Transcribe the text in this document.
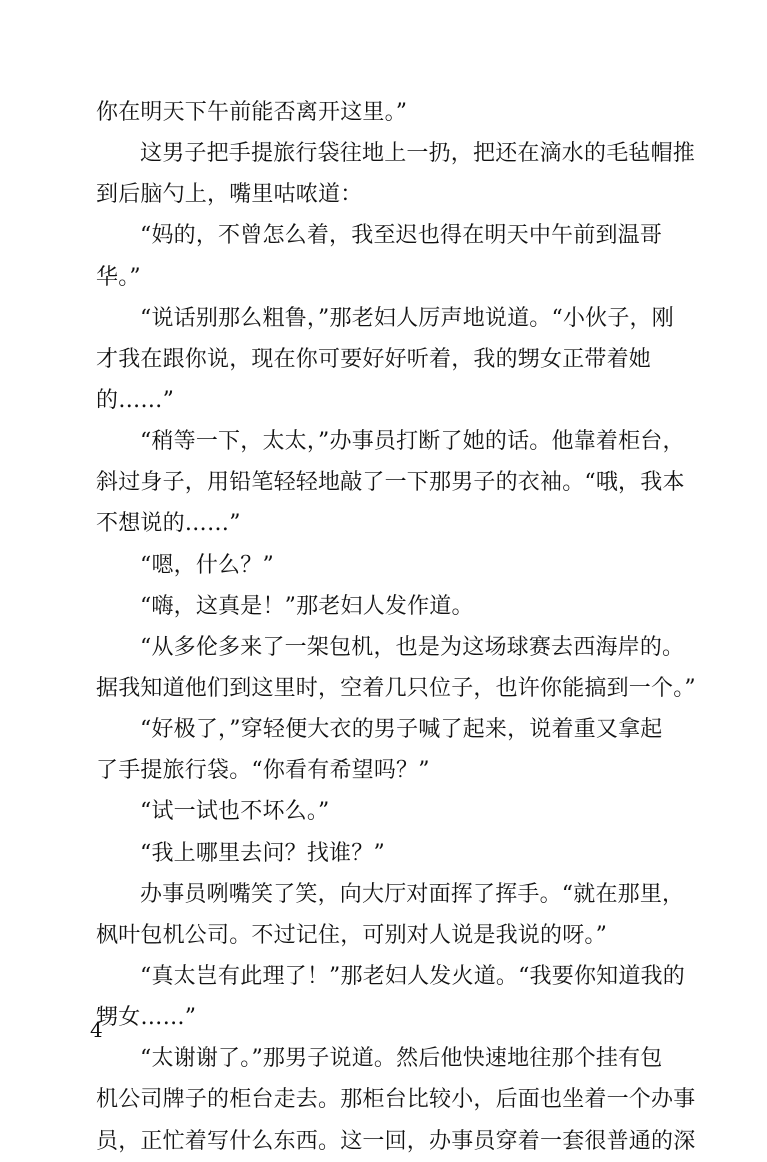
你在明天下午前能否离开这里。”
这男子把手提旅行袋往地上一扔，把还在滴水的毛毡帽推
到后脑勺上，嘴里咕哝道：
“妈的，不曾怎么着，我至迟也得在明天中午前到温哥
华。”
“说话别那么粗鲁，”那老妇人厉声地说道。“小伙子，刚
才我在跟你说，现在你可要好好听着，我的甥女正带着她
的……”
“稍等一下，太太，”办事员打断了她的话。他靠着柜台，
斜过身子，用铅笔轻轻地敲了一下那男子的衣袖。“哦，我本
不想说的……”
“嗯，什么？”
“嗨，这真是！”那老妇人发作道。
“从多伦多来了一架包机，也是为这场球赛去西海岸的。
据我知道他们到这里时，空着几只位子，也许你能搞到一个。”
“好极了，”穿轻便大衣的男子喊了起来，说着重又拿起
了手提旅行袋。“你看有希望吗？”
“试一试也不坏么。”
“我上哪里去问？找谁？”
办事员咧嘴笑了笑，向大厅对面挥了挥手。“就在那里，
枫叶包机公司。不过记住，可别对人说是我说的呀。”
“真太岂有此理了！”那老妇人发火道。“我要你知道我的
甥女……”
“太谢谢了。”那男子说道。然后他快速地往那个挂有包
机公司牌子的柜台走去。那柜台比较小，后面也坐着一个办事
员，正忙着写什么东西。这一回，办事员穿着一套很普通的深
4
